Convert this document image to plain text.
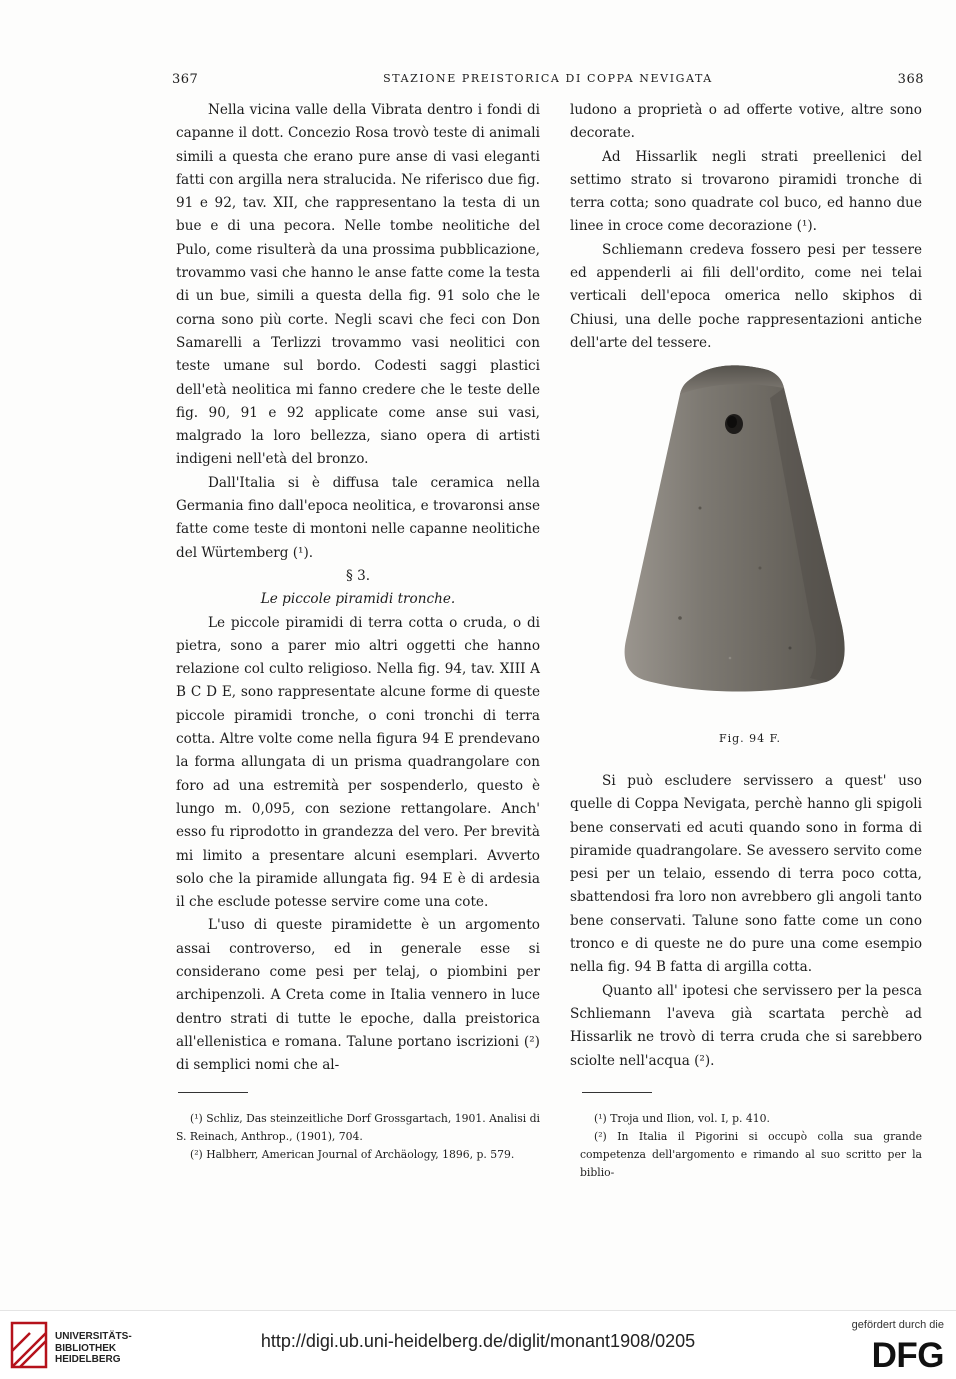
367	STAZIONE PREISTORICA DI COPPA NEVIGATA	368

Nella vicina valle della Vibrata dentro i fondi di capanne il dott. Concezio Rosa trovò teste di animali simili a questa che erano pure anse di vasi eleganti fatti con argilla nera stralucida. Ne riferisco due fig. 91 e 92, tav. XII, che rappresentano la testa di un bue e di una pecora. Nelle tombe neolitiche del Pulo, come risulterà da una prossima pubblicazione, trovammo vasi che hanno le anse fatte come la testa di un bue, simili a questa della fig. 91 solo che le corna sono più corte. Negli scavi che feci con Don Samarelli a Terlizzi trovammo vasi neolitici con teste umane sul bordo. Codesti saggi plastici dell'età neolitica mi fanno credere che le teste delle fig. 90, 91 e 92 applicate come anse sui vasi, malgrado la loro bellezza, siano opera di artisti indigeni nell'età del bronzo.

Dall'Italia si è diffusa tale ceramica nella Germania fino dall'epoca neolitica, e trovaronsi anse fatte come teste di montoni nelle capanne neolitiche del Würtemberg (¹).

§ 3.

Le piccole piramidi tronche.

Le piccole piramidi di terra cotta o cruda, o di pietra, sono a parer mio altri oggetti che hanno relazione col culto religioso. Nella fig. 94, tav. XIII A B C D E, sono rappresentate alcune forme di queste piccole piramidi tronche, o coni tronchi di terra cotta. Altre volte come nella figura 94 E prendevano la forma allungata di un prisma quadrangolare con foro ad una estremità per sospenderlo, questo è lungo m. 0,095, con sezione rettangolare. Anch' esso fu riprodotto in grandezza del vero. Per brevità mi limito a presentare alcuni esemplari. Avverto solo che la piramide allungata fig. 94 E è di ardesia il che esclude potesse servire come una cote.

L'uso di queste piramidette è un argomento assai controverso, ed in generale esse si considerano come pesi per telaj, o piombini per archipenzoli. A Creta come in Italia vennero in luce dentro strati di tutte le epoche, dalla preistorica all'ellenistica e romana. Talune portano iscrizioni (²) di semplici nomi che al-

ludono a proprietà o ad offerte votive, altre sono decorate.

Ad Hissarlik negli strati preellenici del settimo strato si trovarono piramidi tronche di terra cotta; sono quadrate col buco, ed hanno due linee in croce come decorazione (¹).

Schliemann credeva fossero pesi per tessere ed appenderli ai fili dell'ordito, come nei telai verticali dell'epoca omerica nello skiphos di Chiusi, una delle poche rappresentazioni antiche dell'arte del tessere.

Fig. 94 F.

Si può escludere servissero a quest' uso quelle di Coppa Nevigata, perchè hanno gli spigoli bene conservati ed acuti quando sono in forma di piramide quadrangolare. Se avessero servito come pesi per un telaio, essendo di terra poco cotta, sbattendosi fra loro non avrebbero gli angoli tanto bene conservati. Talune sono fatte come un cono tronco e di queste ne do pure una come esempio nella fig. 94 B fatta di argilla cotta.

Quanto all' ipotesi che servissero per la pesca Schliemann l'aveva già scartata perchè ad Hissarlik ne trovò di terra cruda che si sarebbero sciolte nell'acqua (²).

(¹) Schliz, Das steinzeitliche Dorf Grossgartach, 1901. Analisi di S. Reinach, Anthrop., (1901), 704.

(²) Halbherr, American Journal of Archäology, 1896, p. 579.

(¹) Troja und Ilion, vol. I, p. 410.

(²) In Italia il Pigorini si occupò colla sua grande competenza dell'argomento e rimando al suo scritto per la biblio-

UNIVERSITÄTS-
BIBLIOTHEK
HEIDELBERG
http://digi.ub.uni-heidelberg.de/diglit/monant1908/0205
gefördert durch die
DFG
